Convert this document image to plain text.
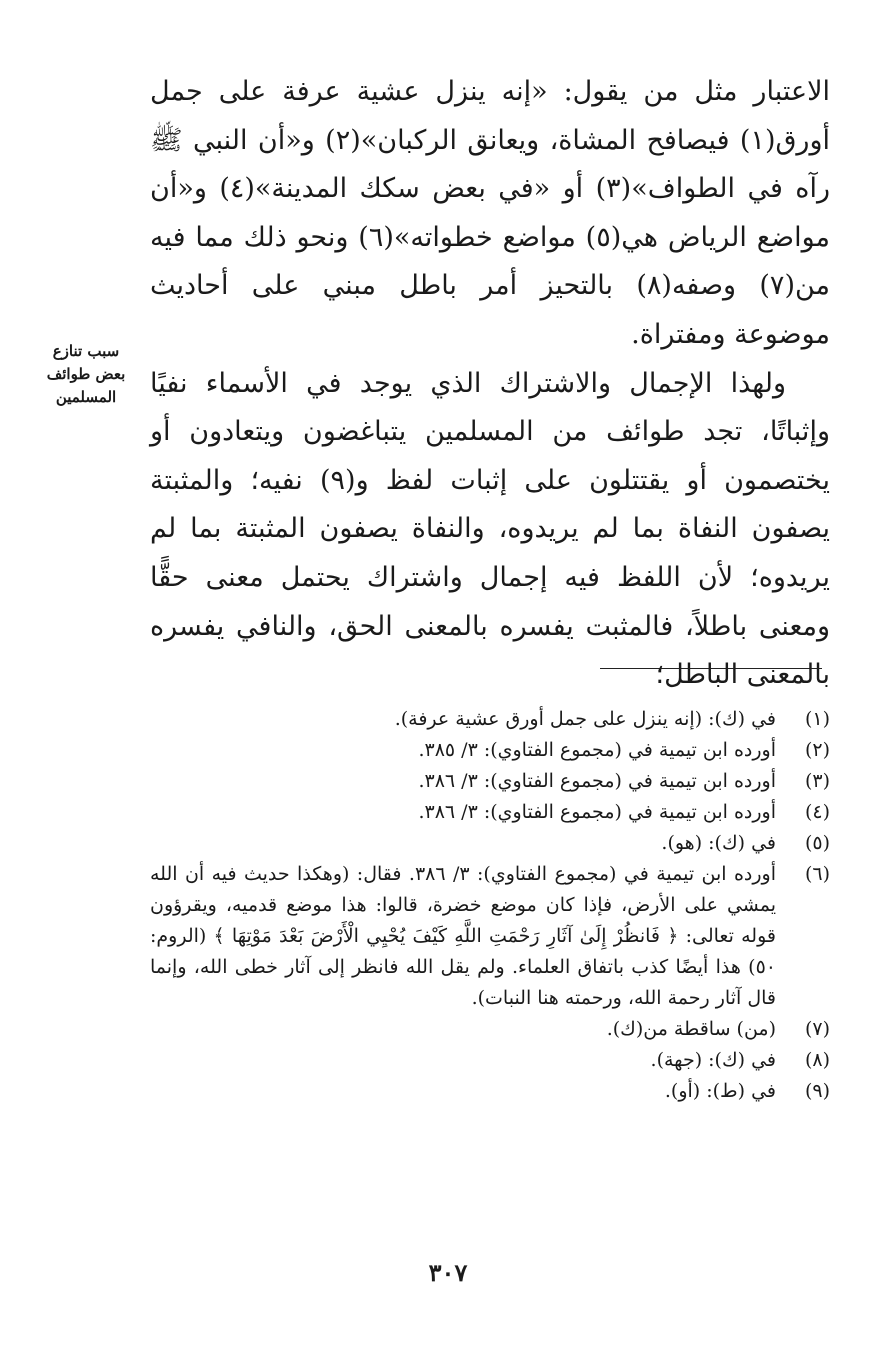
الاعتبار مثل من يقول: «إنه ينزل عشية عرفة على جمل أورق(١) فيصافح المشاة، ويعانق الركبان»(٢) و«أن النبي ﷺ رآه في الطواف»(٣) أو «في بعض سكك المدينة»(٤) و«أن مواضع الرياض هي(٥) مواضع خطواته»(٦) ونحو ذلك مما فيه من(٧) وصفه(٨) بالتحيز أمر باطل مبني على أحاديث موضوعة ومفتراة.

ولهذا الإجمال والاشتراك الذي يوجد في الأسماء نفيًا وإثباتًا، تجد طوائف من المسلمين يتباغضون ويتعادون أو يختصمون أو يقتتلون على إثبات لفظ و(٩) نفيه؛ والمثبتة يصفون النفاة بما لم يريدوه، والنفاة يصفون المثبتة بما لم يريدوه؛ لأن اللفظ فيه إجمال واشتراك يحتمل معنى حقًّا ومعنى باطلاً، فالمثبت يفسره بالمعنى الحق، والنافي يفسره بالمعنى الباطل؛

سبب تنازع بعض طوائف المسلمين
(١)
في (ك): (إنه ينزل على جمل أورق عشية عرفة).
(٢)
أورده ابن تيمية في (مجموع الفتاوي): ٣/ ٣٨٥.
(٣)
أورده ابن تيمية في (مجموع الفتاوي): ٣/ ٣٨٦.
(٤)
أورده ابن تيمية في (مجموع الفتاوي): ٣/ ٣٨٦.
(٥)
في (ك): (هو).
(٦)
أورده ابن تيمية في (مجموع الفتاوي): ٣/ ٣٨٦. فقال: (وهكذا حديث فيه أن الله يمشي على الأرض، فإذا كان موضع خضرة، قالوا: هذا موضع قدميه، ويقرؤون قوله تعالى: ﴿ فَانظُرْ إِلَىٰ آثَارِ رَحْمَتِ اللَّهِ كَيْفَ يُحْيِي الْأَرْضَ بَعْدَ مَوْتِهَا ﴾ (الروم: ٥٠) هذا أيضًا كذب باتفاق العلماء. ولم يقل الله فانظر إلى آثار خطى الله، وإنما قال آثار رحمة الله، ورحمته هنا النبات).
(٧)
(من) ساقطة من(ك).
(٨)
في (ك): (جهة).
(٩)
في (ط): (أو).
٣٠٧
